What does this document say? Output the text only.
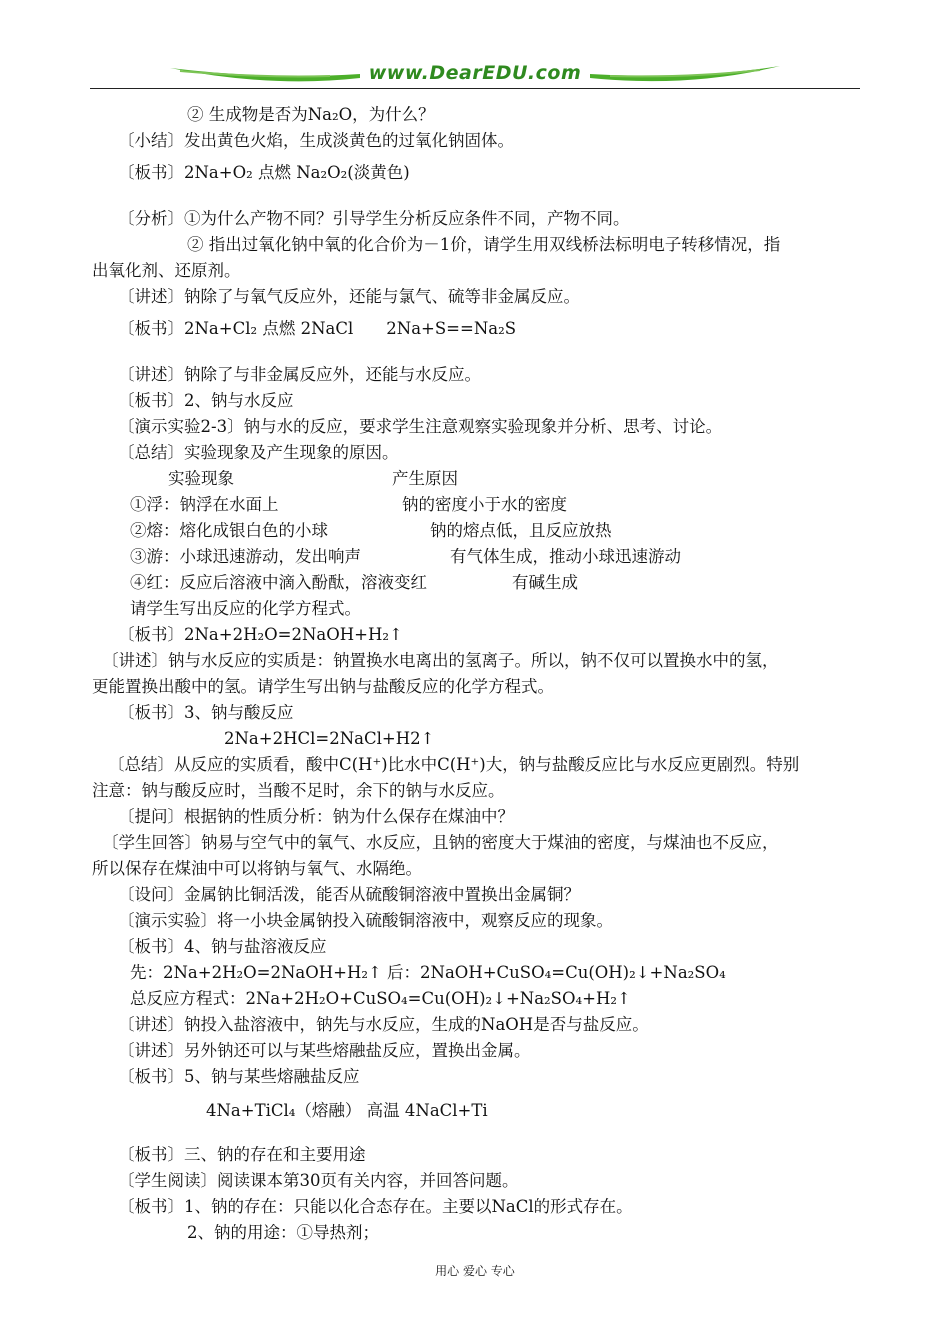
www.DearEDU.com
② 生成物是否为Na₂O，为什么？
〔小结〕发出黄色火焰，生成淡黄色的过氧化钠固体。
〔板书〕2Na+O₂ 点燃 Na₂O₂(淡黄色)
〔分析〕①为什么产物不同？引导学生分析反应条件不同，产物不同。
② 指出过氧化钠中氧的化合价为－1价，请学生用双线桥法标明电子转移情况，指
出氧化剂、还原剂。
〔讲述〕钠除了与氧气反应外，还能与氯气、硫等非金属反应。
〔板书〕2Na+Cl₂ 点燃 2NaCl　　2Na+S==Na₂S
〔讲述〕钠除了与非金属反应外，还能与水反应。
〔板书〕2、钠与水反应
〔演示实验2-3〕钠与水的反应，要求学生注意观察实验现象并分析、思考、讨论。
〔总结〕实验现象及产生现象的原因。
实验现象	产生原因
①浮：钠浮在水面上	钠的密度小于水的密度
②熔：熔化成银白色的小球	钠的熔点低，且反应放热
③游：小球迅速游动，发出响声	有气体生成，推动小球迅速游动
④红：反应后溶液中滴入酚酞，溶液变红	有碱生成
请学生写出反应的化学方程式。
〔板书〕2Na+2H₂O=2NaOH+H₂↑
〔讲述〕钠与水反应的实质是：钠置换水电离出的氢离子。所以，钠不仅可以置换水中的氢，
更能置换出酸中的氢。请学生写出钠与盐酸反应的化学方程式。
〔板书〕3、钠与酸反应
2Na+2HCl=2NaCl+H2↑
〔总结〕从反应的实质看，酸中C(H⁺)比水中C(H⁺)大，钠与盐酸反应比与水反应更剧烈。特别
注意：钠与酸反应时，当酸不足时，余下的钠与水反应。
〔提问〕根据钠的性质分析：钠为什么保存在煤油中？
〔学生回答〕钠易与空气中的氧气、水反应，且钠的密度大于煤油的密度，与煤油也不反应，
所以保存在煤油中可以将钠与氧气、水隔绝。
〔设问〕金属钠比铜活泼，能否从硫酸铜溶液中置换出金属铜？
〔演示实验〕将一小块金属钠投入硫酸铜溶液中，观察反应的现象。
〔板书〕4、钠与盐溶液反应
先：2Na+2H₂O=2NaOH+H₂↑ 后：2NaOH+CuSO₄=Cu(OH)₂↓+Na₂SO₄
总反应方程式：2Na+2H₂O+CuSO₄=Cu(OH)₂↓+Na₂SO₄+H₂↑
〔讲述〕钠投入盐溶液中，钠先与水反应，生成的NaOH是否与盐反应。
〔讲述〕另外钠还可以与某些熔融盐反应，置换出金属。
〔板书〕5、钠与某些熔融盐反应
4Na+TiCl₄（熔融） 高温 4NaCl+Ti
〔板书〕三、钠的存在和主要用途
〔学生阅读〕阅读课本第30页有关内容，并回答问题。
〔板书〕1、钠的存在：只能以化合态存在。主要以NaCl的形式存在。
2、钠的用途：①导热剂；
用心 爱心 专心
